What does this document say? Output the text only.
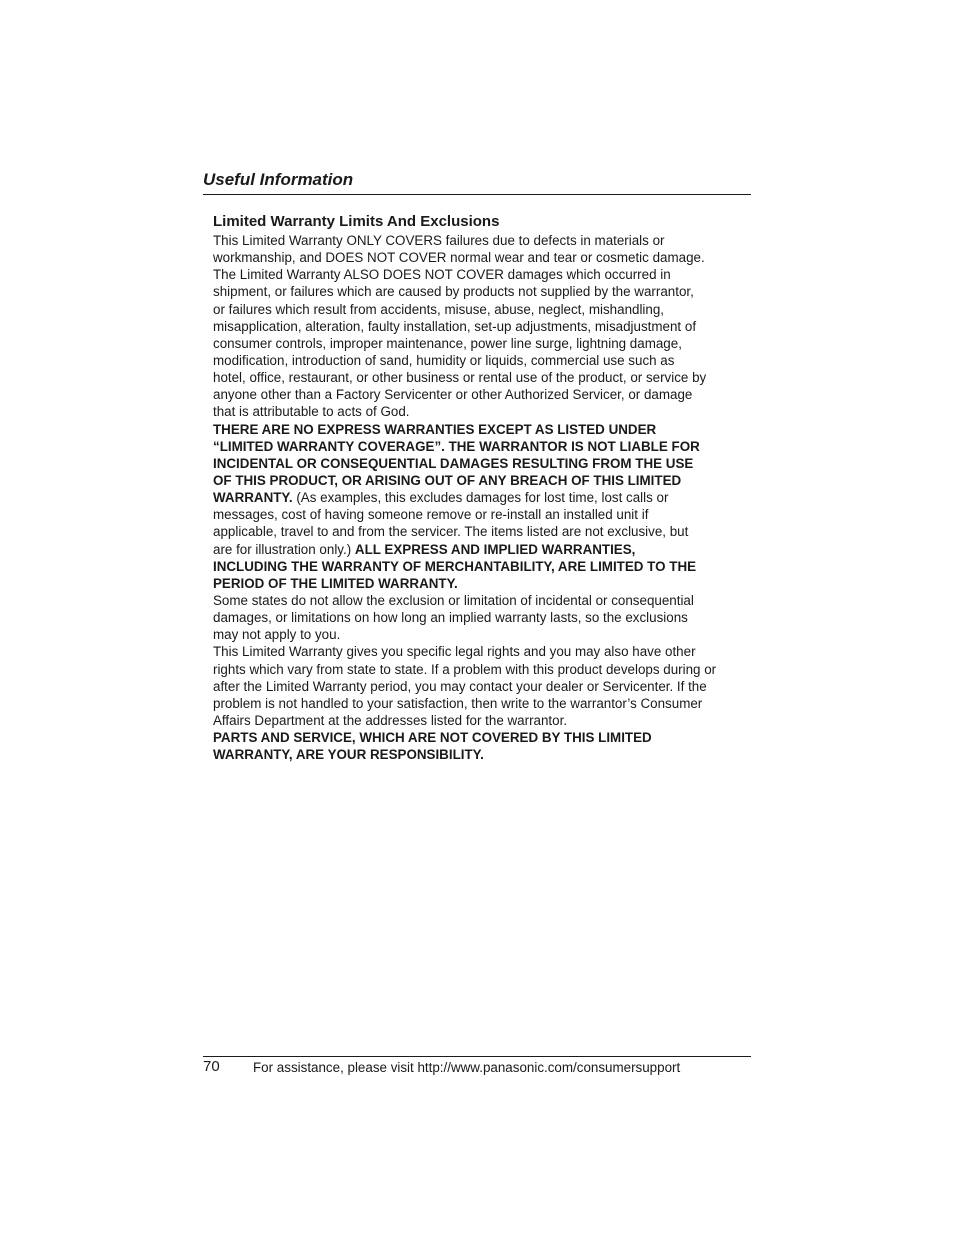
Useful Information
Limited Warranty Limits And Exclusions
This Limited Warranty ONLY COVERS failures due to defects in materials or
workmanship, and DOES NOT COVER normal wear and tear or cosmetic damage.
The Limited Warranty ALSO DOES NOT COVER damages which occurred in
shipment, or failures which are caused by products not supplied by the warrantor,
or failures which result from accidents, misuse, abuse, neglect, mishandling,
misapplication, alteration, faulty installation, set-up adjustments, misadjustment of
consumer controls, improper maintenance, power line surge, lightning damage,
modification, introduction of sand, humidity or liquids, commercial use such as
hotel, office, restaurant, or other business or rental use of the product, or service by
anyone other than a Factory Servicenter or other Authorized Servicer, or damage
that is attributable to acts of God.
THERE ARE NO EXPRESS WARRANTIES EXCEPT AS LISTED UNDER
“LIMITED WARRANTY COVERAGE”. THE WARRANTOR IS NOT LIABLE FOR
INCIDENTAL OR CONSEQUENTIAL DAMAGES RESULTING FROM THE USE
OF THIS PRODUCT, OR ARISING OUT OF ANY BREACH OF THIS LIMITED
WARRANTY. (As examples, this excludes damages for lost time, lost calls or
messages, cost of having someone remove or re-install an installed unit if
applicable, travel to and from the servicer. The items listed are not exclusive, but
are for illustration only.) ALL EXPRESS AND IMPLIED WARRANTIES,
INCLUDING THE WARRANTY OF MERCHANTABILITY, ARE LIMITED TO THE
PERIOD OF THE LIMITED WARRANTY.
Some states do not allow the exclusion or limitation of incidental or consequential
damages, or limitations on how long an implied warranty lasts, so the exclusions
may not apply to you.
This Limited Warranty gives you specific legal rights and you may also have other
rights which vary from state to state. If a problem with this product develops during or
after the Limited Warranty period, you may contact your dealer or Servicenter. If the
problem is not handled to your satisfaction, then write to the warrantor’s Consumer
Affairs Department at the addresses listed for the warrantor.
PARTS AND SERVICE, WHICH ARE NOT COVERED BY THIS LIMITED
WARRANTY, ARE YOUR RESPONSIBILITY.
70 For assistance, please visit http://www.panasonic.com/consumersupport
